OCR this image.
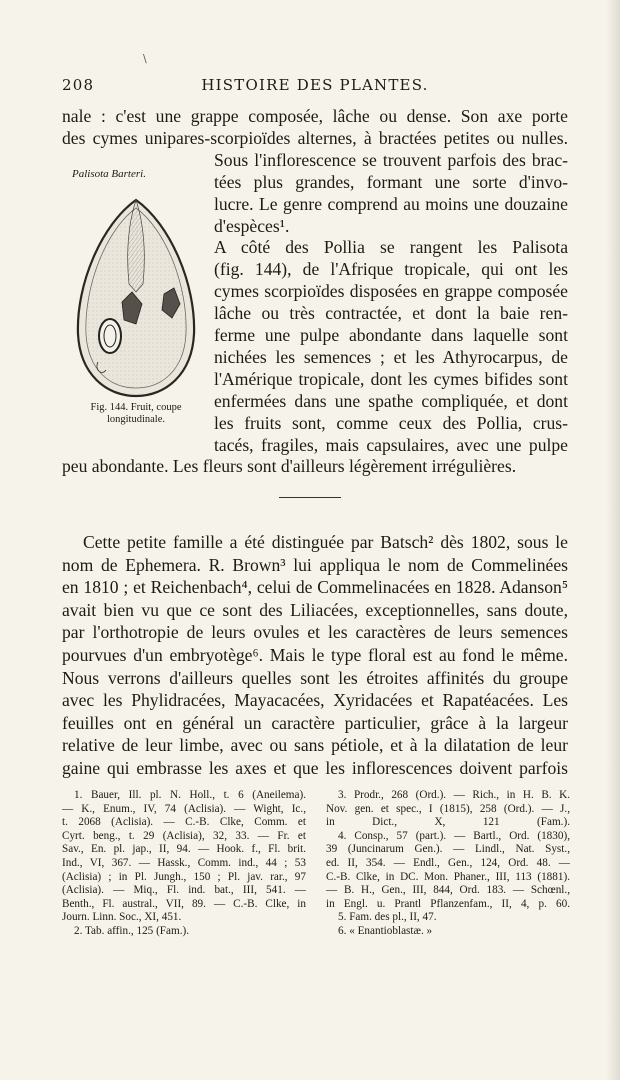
\
208	HISTOIRE DES PLANTES.
nale : c'est une grappe composée, lâche ou dense. Son axe porte
des cymes unipares-scorpioïdes alternes, à bractées petites ou nulles.
Sous l'inflorescence se trouvent parfois des brac-
tées plus grandes, formant une sorte d'invo-
lucre. Le genre comprend au moins une douzaine
d'espèces¹.
A côté des Pollia se rangent les Palisota
(fig. 144), de l'Afrique tropicale, qui ont les
cymes scorpioïdes disposées en grappe composée
lâche ou très contractée, et dont la baie ren-
ferme une pulpe abondante dans laquelle sont
nichées les semences ; et les Athyrocarpus, de
l'Amérique tropicale, dont les cymes bifides sont
enfermées dans une spathe compliquée, et dont
les fruits sont, comme ceux des Pollia, crus-
tacés, fragiles, mais capsulaires, avec une pulpe
peu abondante. Les fleurs sont d'ailleurs légèrement irrégulières.
Palisota Barteri.
Fig. 144. Fruit, coupe
longitudinale.
Cette petite famille a été distinguée par Batsch² dès 1802, sous le
nom de Ephemera. R. Brown³ lui appliqua le nom de Commelinées
en 1810 ; et Reichenbach⁴, celui de Commelinacées en 1828. Adanson⁵
avait bien vu que ce sont des Liliacées, exceptionnelles, sans doute,
par l'orthotropie de leurs ovules et les caractères de leurs semences
pourvues d'un embryotège⁶. Mais le type floral est au fond le même.
Nous verrons d'ailleurs quelles sont les étroites affinités du groupe
avec les Phylidracées, Mayacacées, Xyridacées et Rapatéacées. Les
feuilles ont en général un caractère particulier, grâce à la largeur
relative de leur limbe, avec ou sans pétiole, et à la dilatation de leur
gaine qui embrasse les axes et que les inflorescences doivent parfois
1. Bauer, Ill. pl. N. Holl., t. 6 (Aneilema).
— K., Enum., IV, 74 (Aclisia). — Wight, Ic.,
t. 2068 (Aclisia). — C.-B. Clke, Comm. et
Cyrt. beng., t. 29 (Aclisia), 32, 33. — Fr. et
Sav., En. pl. jap., II, 94. — Hook. f., Fl. brit.
Ind., VI, 367. — Hassk., Comm. ind., 44 ; 53
(Aclisia) ; in Pl. Jungh., 150 ; Pl. jav. rar., 97
(Aclisia). — Miq., Fl. ind. bat., III, 541. —
Benth., Fl. austral., VII, 89. — C.-B. Clke, in
Journ. Linn. Soc., XI, 451.
2. Tab. affin., 125 (Fam.).
3. Prodr., 268 (Ord.). — Rich., in H. B. K.
Nov. gen. et spec., I (1815), 258 (Ord.). — J.,
in Dict., X, 121 (Fam.).
4. Consp., 57 (part.). — Bartl., Ord. (1830),
39 (Juncinarum Gen.). — Lindl., Nat. Syst.,
ed. II, 354. — Endl., Gen., 124, Ord. 48. —
C.-B. Clke, in DC. Mon. Phaner., III, 113 (1881).
— B. H., Gen., III, 844, Ord. 183. — Schœnl.,
in Engl. u. Prantl Pflanzenfam., II, 4, p. 60.
5. Fam. des pl., II, 47.
6. « Enantioblastæ. »
